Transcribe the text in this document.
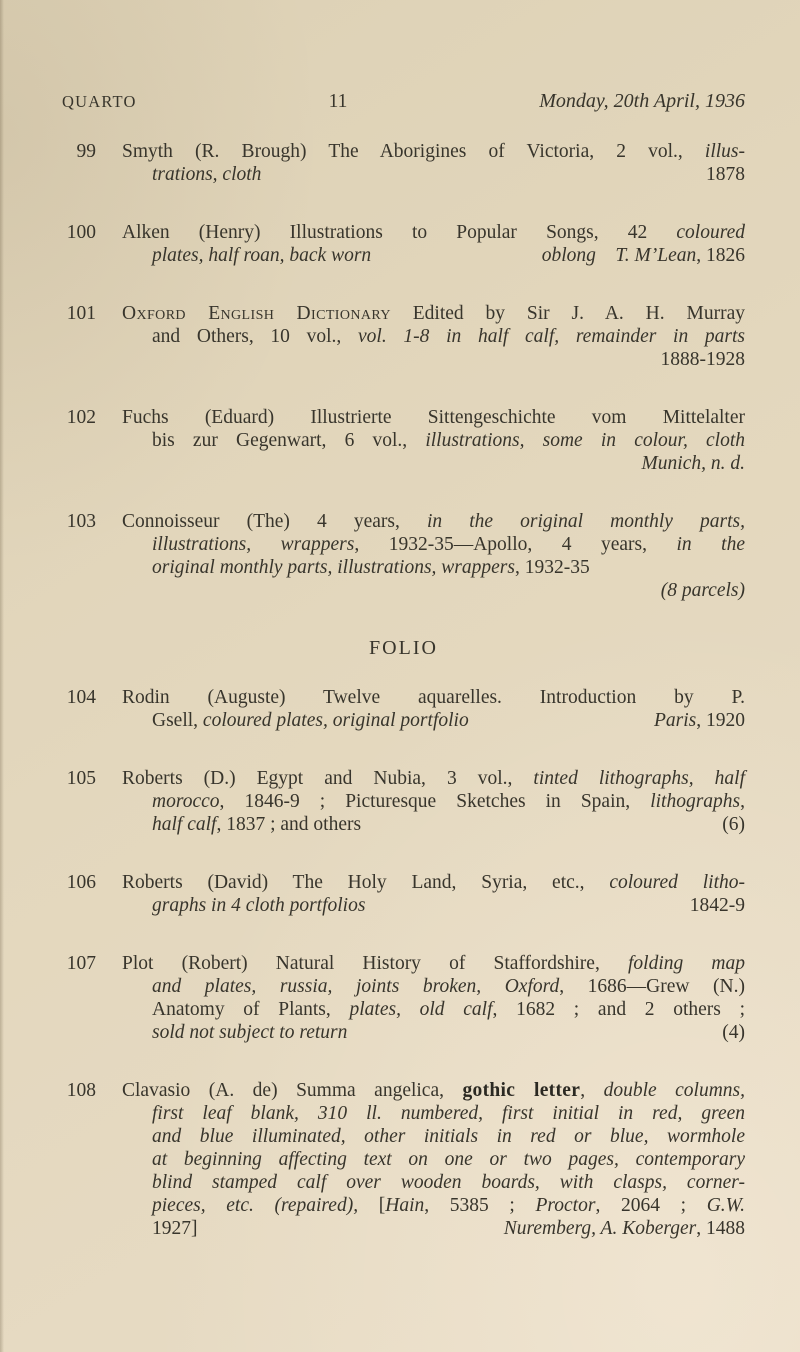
QUARTO	11	Monday, 20th April, 1936
99 Smyth (R. Brough) The Aborigines of Victoria, 2 vol., illus-
trations, cloth	1878
100 Alken (Henry) Illustrations to Popular Songs, 42 coloured
plates, half roan, back worn	oblong  T. M’Lean, 1826
101 Oxford English Dictionary Edited by Sir J. A. H. Murray
and Others, 10 vol., vol. 1-8 in half calf, remainder in parts
1888-1928
102 Fuchs (Eduard) Illustrierte Sittengeschichte vom Mittelalter
bis zur Gegenwart, 6 vol., illustrations, some in colour, cloth
Munich, n. d.
103 Connoisseur (The) 4 years, in the original monthly parts,
illustrations, wrappers, 1932-35—Apollo, 4 years, in the
original monthly parts, illustrations, wrappers, 1932-35
(8 parcels)
FOLIO
104 Rodin (Auguste) Twelve aquarelles. Introduction by P.
Gsell, coloured plates, original portfolio	Paris, 1920
105 Roberts (D.) Egypt and Nubia, 3 vol., tinted lithographs, half
morocco, 1846-9 ; Picturesque Sketches in Spain, lithographs,
half calf, 1837 ; and others	(6)
106 Roberts (David) The Holy Land, Syria, etc., coloured litho-
graphs in 4 cloth portfolios	1842-9
107 Plot (Robert) Natural History of Staffordshire, folding map
and plates, russia, joints broken, Oxford, 1686—Grew (N.)
Anatomy of Plants, plates, old calf, 1682 ; and 2 others ;
sold not subject to return	(4)
108 Clavasio (A. de) Summa angelica, gothic letter, double columns,
first leaf blank, 310 ll. numbered, first initial in red, green
and blue illuminated, other initials in red or blue, wormhole
at beginning affecting text on one or two pages, contemporary
blind stamped calf over wooden boards, with clasps, corner-
pieces, etc. (repaired), [Hain, 5385 ; Proctor, 2064 ; G.W.
1927]	Nuremberg, A. Koberger, 1488
